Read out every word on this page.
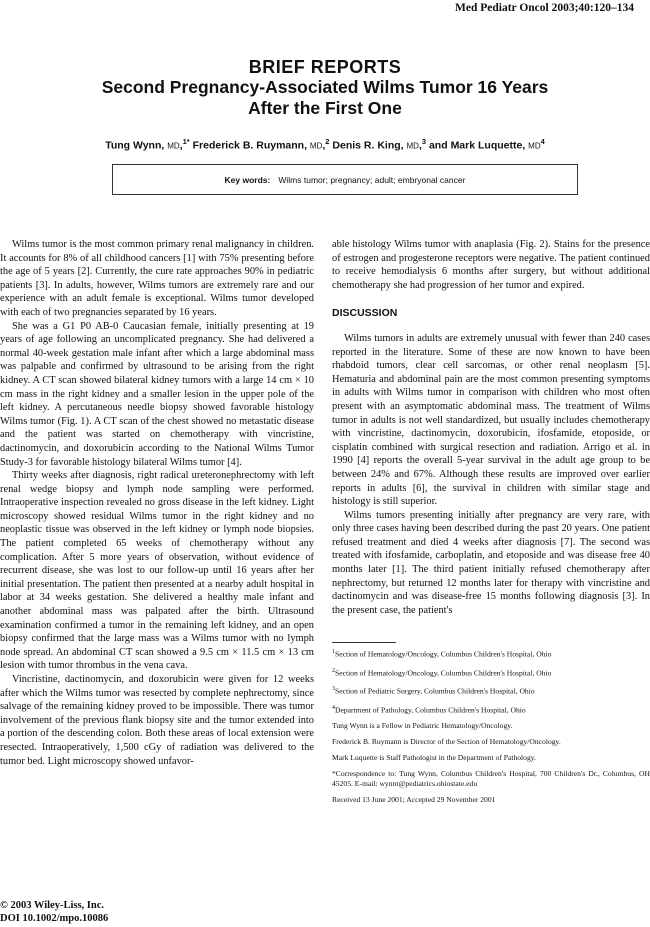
Med Pediatr Oncol 2003;40:120–134
BRIEF REPORTS
Second Pregnancy-Associated Wilms Tumor 16 Years
After the First One
Tung Wynn, MD,$^{1*}$ Frederick B. Ruymann, MD,$^2$ Denis R. King, MD,$^3$ and Mark Luquette, $MD^4$
Key words: Wilms tumor; pregnancy; adult; embryonal cancer

Wilms tumor is the most common primary renal malignancy in children. It accounts for 8% of all childhood cancers [1] with 75% presenting before the age of 5 years [2]. Currently, the cure rate approaches 90% in pediatric patients [3]. In adults, however, Wilms tumors are extremely rare and our experience with an adult female is exceptional. Wilms tumor developed with each of two pregnancies separated by 16 years.

She was a G1 P0 AB-0 Caucasian female, initially presenting at 19 years of age following an uncomplicated pregnancy. She had delivered a normal 40-week gestation male infant after which a large abdominal mass was palpable and confirmed by ultrasound to be arising from the right kidney. A CT scan showed bilateral kidney tumors with a large 14 cm × 10 cm mass in the right kidney and a smaller lesion in the upper pole of the left kidney. A percutaneous needle biopsy showed favorable histology Wilms tumor (Fig. 1). A CT scan of the chest showed no metastatic disease and the patient was started on chemotherapy with vincristine, dactinomycin, and doxorubicin according to the National Wilms Tumor Study-3 for favorable histology bilateral Wilms tumor [4].

Thirty weeks after diagnosis, right radical ureteronephrectomy with left renal wedge biopsy and lymph node sampling were performed. Intraoperative inspection revealed no gross disease in the left kidney. Light microscopy showed residual Wilms tumor in the right kidney and no neoplastic tissue was observed in the left kidney or lymph node biopsies. The patient completed 65 weeks of chemotherapy without any complication. After 5 more years of observation, without evidence of recurrent disease, she was lost to our follow-up until 16 years after her initial presentation. The patient then presented at a nearby adult hospital in labor at 34 weeks gestation. She delivered a healthy male infant and another abdominal mass was palpated after the birth. Ultrasound examination confirmed a tumor in the remaining left kidney, and an open biopsy confirmed that the large mass was a Wilms tumor with no lymph node spread. An abdominal CT scan showed a 9.5 cm × 11.5 cm × 13 cm lesion with tumor thrombus in the vena cava.

Vincristine, dactinomycin, and doxorubicin were given for 12 weeks after which the Wilms tumor was resected by complete nephrectomy, since salvage of the remaining kidney proved to be impossible. There was tumor involvement of the previous flank biopsy site and the tumor extended into a portion of the descending colon. Both these areas of local extension were resected. Intraoperatively, 1,500 cGy of radiation was delivered to the tumor bed. Light microscopy showed unfavor-

able histology Wilms tumor with anaplasia (Fig. 2). Stains for the presence of estrogen and progesterone receptors were negative. The patient continued to receive hemodialysis 6 months after surgery, but without additional chemotherapy she had progression of her tumor and expired.

DISCUSSION

Wilms tumors in adults are extremely unusual with fewer than 240 cases reported in the literature. Some of these are now known to have been rhabdoid tumors, clear cell sarcomas, or other renal neoplasm [5]. Hematuria and abdominal pain are the most common presenting symptoms in adults with Wilms tumor in comparison with children who most often present with an asymptomatic abdominal mass. The treatment of Wilms tumor in adults is not well standardized, but usually includes chemotherapy with vincristine, dactinomycin, doxorubicin, ifosfamide, etoposide, or cisplatin combined with surgical resection and radiation. Arrigo et al. in 1990 [4] reports the overall 5-year survival in the adult age group to be between 24% and 67%. Although these results are improved over earlier reports in adults [6], the survival in children with similar stage and histology is still superior.

Wilms tumors presenting initially after pregnancy are very rare, with only three cases having been described during the past 20 years. One patient refused treatment and died 4 weeks after diagnosis [7]. The second was treated with ifosfamide, carboplatin, and etoposide and was disease free 40 months later [1]. The third patient initially refused chemotherapy after nephrectomy, but returned 12 months later for therapy with vincristine and dactinomycin and was disease-free 15 months following diagnosis [3]. In the present case, the patient's

$^1$Section of Hematology/Oncology, Columbus Children's Hospital, Ohio

$^2$Section of Hematology/Oncology, Columbus Children's Hospital, Ohio

$^3$Section of Pediatric Surgery, Columbus Children's Hospital, Ohio

$^4$Department of Pathology, Columbus Children's Hospital, Ohio

Tung Wynn is a Fellow in Pediatric Hematology/Oncology.

Frederick B. Ruymann is Director of the Section of Hematology/Oncology.

Mark Luquette is Staff Pathologist in the Department of Pathology.

*Correspondence to: Tung Wynn, Columbus Children's Hospital, 700 Children's Dr., Columbus, OH 45205. E-mail: wynnt@pediatrics.ohiostate.edu

Received 13 June 2001; Accepted 29 November 2001

© 2003 Wiley-Liss, Inc.
DOI 10.1002/mpo.10086
